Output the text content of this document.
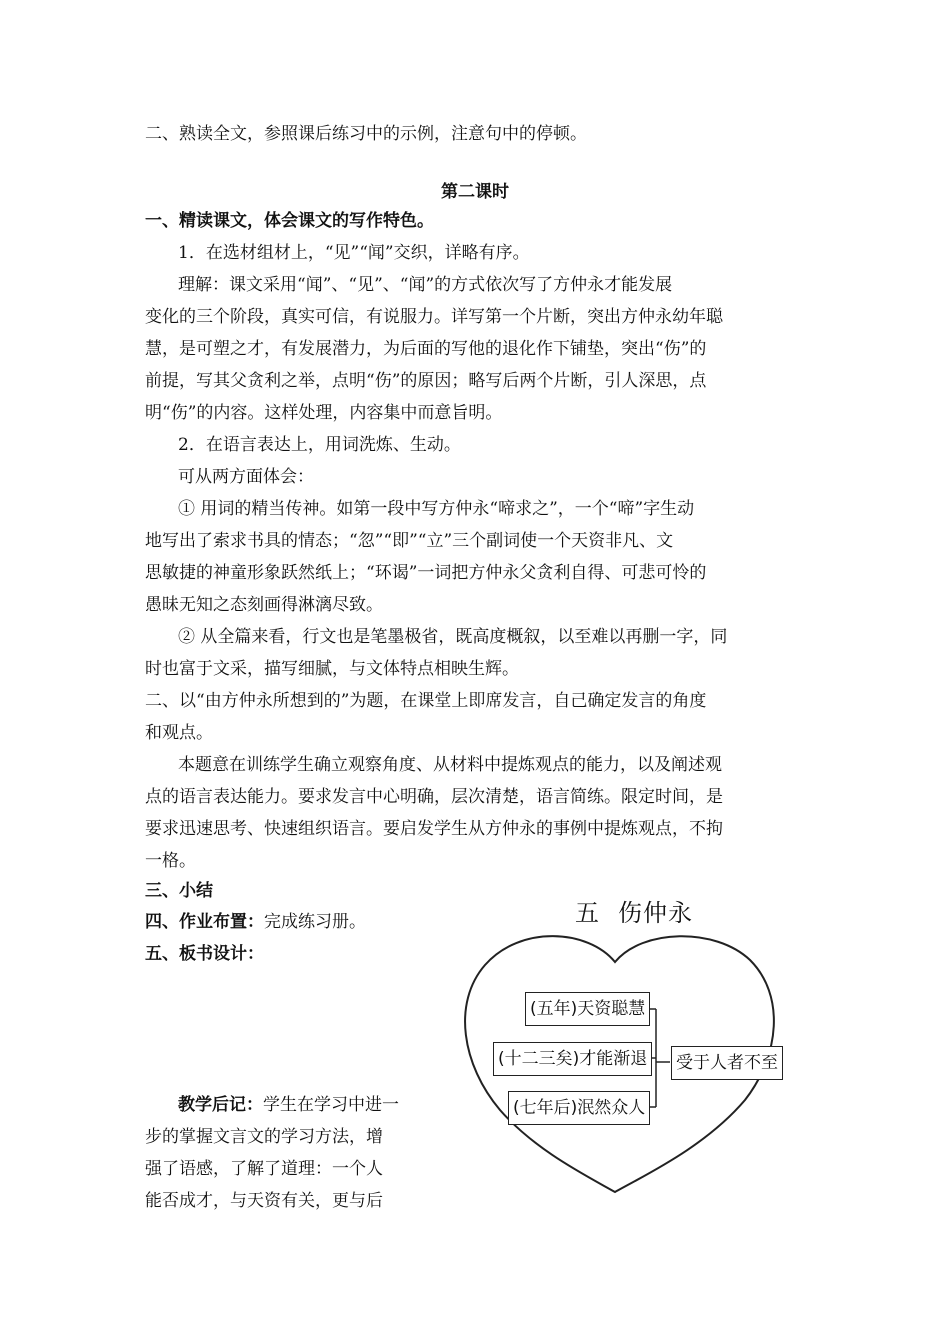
二、熟读全文，参照课后练习中的示例，注意句中的停顿。
第二课时
一、精读课文，体会课文的写作特色。
1．在选材组材上，“见”“闻”交织，详略有序。
理解：课文采用“闻”、“见”、“闻”的方式依次写了方仲永才能发展
变化的三个阶段，真实可信，有说服力。详写第一个片断，突出方仲永幼年聪
慧，是可塑之才，有发展潜力，为后面的写他的退化作下铺垫，突出“伤”的
前提，写其父贪利之举，点明“伤”的原因；略写后两个片断，引人深思，点
明“伤”的内容。这样处理，内容集中而意旨明。
2．在语言表达上，用词洗炼、生动。
可从两方面体会：
① 用词的精当传神。如第一段中写方仲永“啼求之”，一个“啼”字生动
地写出了索求书具的情态；“忽”“即”“立”三个副词使一个天资非凡、文
思敏捷的神童形象跃然纸上；“环谒”一词把方仲永父贪利自得、可悲可怜的
愚昧无知之态刻画得淋漓尽致。
② 从全篇来看，行文也是笔墨极省，既高度概叙，以至难以再删一字，同
时也富于文采，描写细腻，与文体特点相映生辉。
二、以“由方仲永所想到的”为题，在课堂上即席发言，自己确定发言的角度
和观点。
本题意在训练学生确立观察角度、从材料中提炼观点的能力，以及阐述观
点的语言表达能力。要求发言中心明确，层次清楚，语言简练。限定时间，是
要求迅速思考、快速组织语言。要启发学生从方仲永的事例中提炼观点，不拘
一格。
三、小结
四、作业布置：完成练习册。
五、板书设计：
教学后记：学生在学习中进一
步的掌握文言文的学习方法，增
强了语感，了解了道理：一个人
能否成才，与天资有关，更与后
五 伤仲永
(五年)天资聪慧
(十二三矣)才能渐退
(七年后)泯然众人
受于人者不至
